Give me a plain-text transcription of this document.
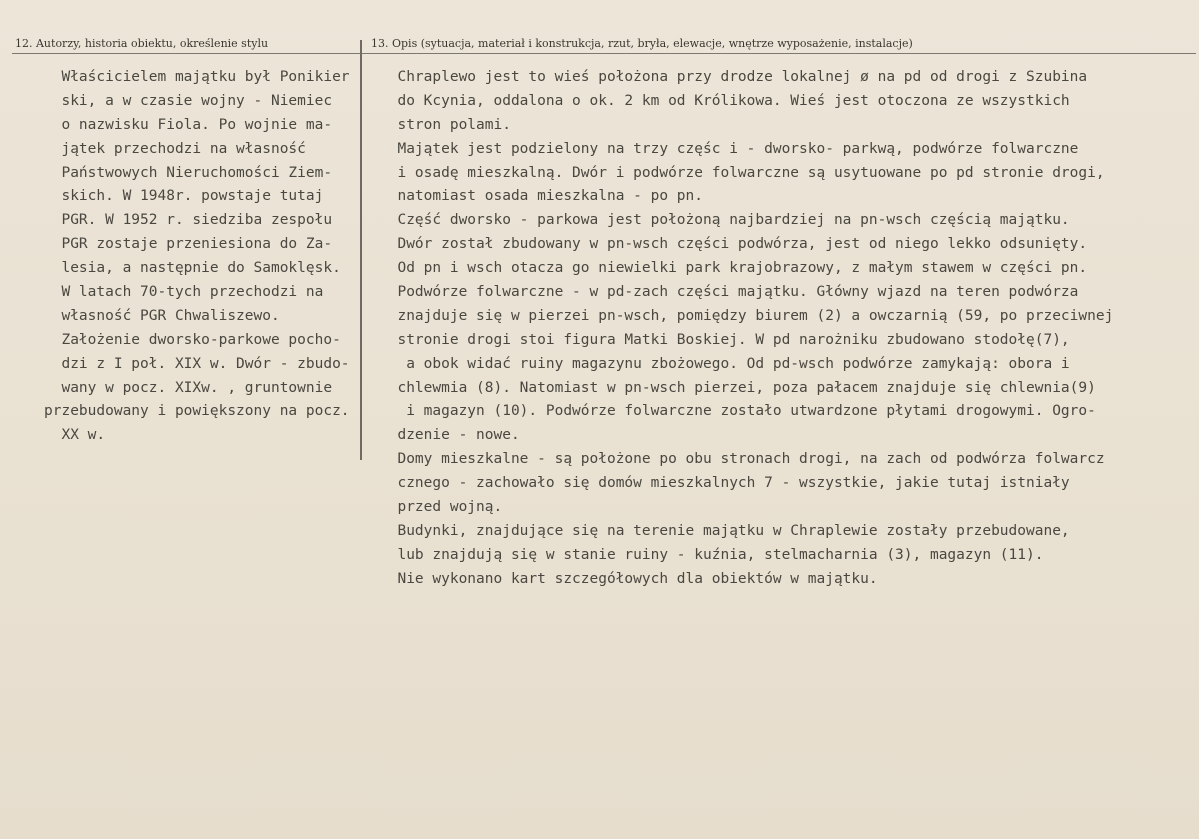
12. Autorzy, historia obiektu, określenie stylu	13. Opis (sytuacja, materiał i konstrukcja, rzut, bryła, elewacje, wnętrze wyposażenie, instalacje)
Właścicielem majątku był Ponikier
ski, a w czasie wojny - Niemiec
o nazwisku Fiola. Po wojnie ma-
jątek przechodzi na własność
Państwowych Nieruchomości Ziem-
skich. W 1948r. powstaje tutaj
PGR. W 1952 r. siedziba zespołu
PGR zostaje przeniesiona do Za-
lesia, a następnie do Samoklęsk.
W latach 70-tych przechodzi na
własność PGR Chwaliszewo.
Założenie dworsko-parkowe pocho-
dzi z I poł. XIX w. Dwór - zbudo-
wany w pocz. XIXw. , gruntownie
przebudowany i powiększony na pocz.
XX w.
Chraplewo jest to wieś położona przy drodze lokalnej ø na pd od drogi z Szubina
do Kcynia, oddalona o ok. 2 km od Królikowa. Wieś jest otoczona ze wszystkich
stron polami.
Majątek jest podzielony na trzy częśc i - dworsko- parkwą, podwórze folwarczne
i osadę mieszkalną. Dwór i podwórze folwarczne są usytuowane po pd stronie drogi,
natomiast osada mieszkalna - po pn.
Część dworsko - parkowa jest położoną najbardziej na pn-wsch częścią majątku.
Dwór został zbudowany w pn-wsch części podwórza, jest od niego lekko odsunięty.
Od pn i wsch otacza go niewielki park krajobrazowy, z małym stawem w części pn.
Podwórze folwarczne - w pd-zach części majątku. Główny wjazd na teren podwórza
znajduje się w pierzei pn-wsch, pomiędzy biurem (2) a owczarnią (59, po przeciwnej
stronie drogi stoi figura Matki Boskiej. W pd narożniku zbudowano stodołę(7),
a obok widać ruiny magazynu zbożowego. Od pd-wsch podwórze zamykają: obora i
chlewmia (8). Natomiast w pn-wsch pierzei, poza pałacem znajduje się chlewnia(9)
i magazyn (10). Podwórze folwarczne zostało utwardzone płytami drogowymi. Ogro-
dzenie - nowe.
Domy mieszkalne - są położone po obu stronach drogi, na zach od podwórza folwarcz
cznego - zachowało się domów mieszkalnych 7 - wszystkie, jakie tutaj istniały
przed wojną.
Budynki, znajdujące się na terenie majątku w Chraplewie zostały przebudowane,
lub znajdują się w stanie ruiny - kuźnia, stelmacharnia (3), magazyn (11).
Nie wykonano kart szczegółowych dla obiektów w majątku.
